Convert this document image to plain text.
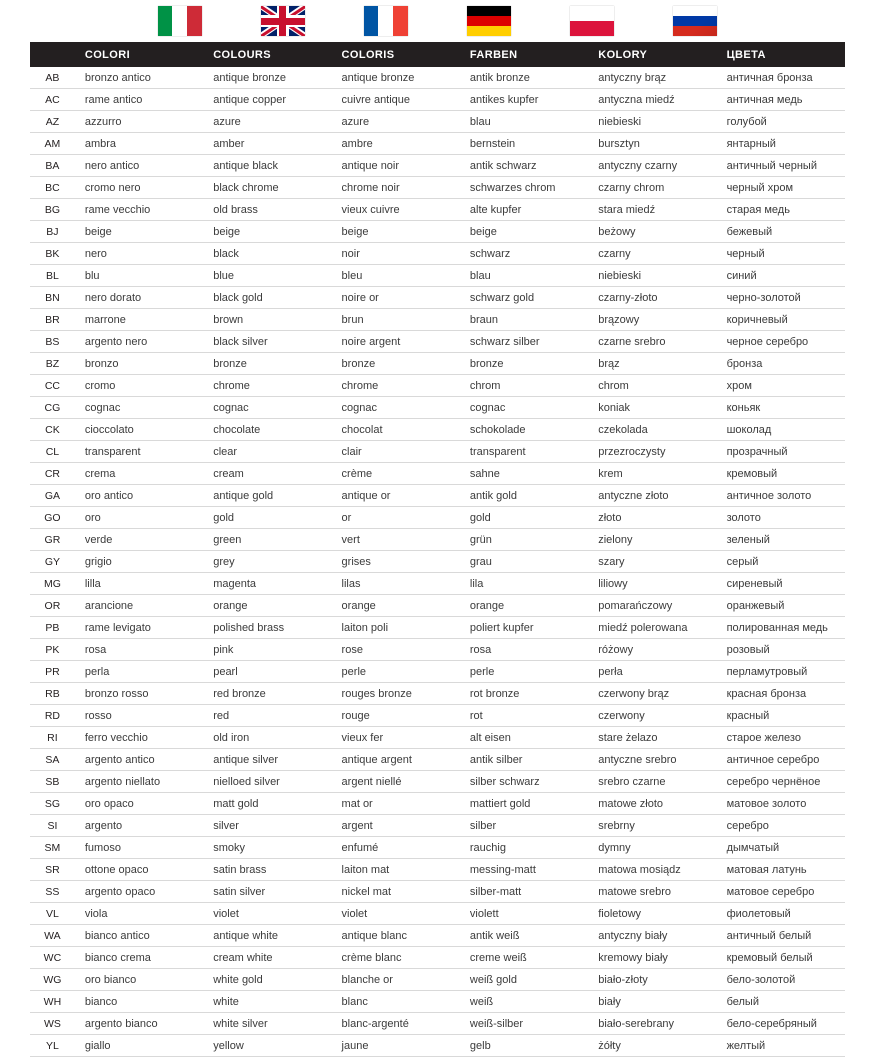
	COLORI	COLOURS	COLORIS	FARBEN	KOLORY	ЦВЕТА
AB	bronzo antico	antique bronze	antique bronze	antik bronze	antyczny brąz	античная бронза
AC	rame antico	antique copper	cuivre antique	antikes kupfer	antyczna miedź	античная медь
AZ	azzurro	azure	azure	blau	niebieski	голубой
AM	ambra	amber	ambre	bernstein	bursztyn	янтарный
BA	nero antico	antique black	antique noir	antik schwarz	antyczny czarny	античный черный
BC	cromo nero	black chrome	chrome noir	schwarzes chrom	czarny chrom	черный хром
BG	rame vecchio	old brass	vieux cuivre	alte kupfer	stara miedź	старая медь
BJ	beige	beige	beige	beige	beżowy	бежевый
BK	nero	black	noir	schwarz	czarny	черный
BL	blu	blue	bleu	blau	niebieski	синий
BN	nero dorato	black gold	noire or	schwarz gold	czarny-złoto	черно-золотой
BR	marrone	brown	brun	braun	brązowy	коричневый
BS	argento nero	black silver	noire argent	schwarz silber	czarne srebro	черное серебро
BZ	bronzo	bronze	bronze	bronze	brąz	бронза
CC	cromo	chrome	chrome	chrom	chrom	хром
CG	cognac	cognac	cognac	cognac	koniak	коньяк
CK	cioccolato	chocolate	chocolat	schokolade	czekolada	шоколад
CL	transparent	clear	clair	transparent	przezroczysty	прозрачный
CR	crema	cream	crème	sahne	krem	кремовый
GA	oro antico	antique gold	antique or	antik gold	antyczne złoto	античное золото
GO	oro	gold	or	gold	złoto	золото
GR	verde	green	vert	grün	zielony	зеленый
GY	grigio	grey	grises	grau	szary	серый
MG	lilla	magenta	lilas	lila	liliowy	сиреневый
OR	arancione	orange	orange	orange	pomarańczowy	оранжевый
PB	rame levigato	polished brass	laiton poli	poliert kupfer	miedź polerowana	полированная медь
PK	rosa	pink	rose	rosa	różowy	розовый
PR	perla	pearl	perle	perle	perła	перламутровый
RB	bronzo rosso	red bronze	rouges bronze	rot bronze	czerwony brąz	красная бронза
RD	rosso	red	rouge	rot	czerwony	красный
RI	ferro vecchio	old iron	vieux fer	alt eisen	stare żelazo	старое железо
SA	argento antico	antique silver	antique argent	antik silber	antyczne srebro	античное серебро
SB	argento niellato	nielloed silver	argent niellé	silber schwarz	srebro czarne	серебро чернёное
SG	oro opaco	matt gold	mat or	mattiert gold	matowe złoto	матовое золото
SI	argento	silver	argent	silber	srebrny	серебро
SM	fumoso	smoky	enfumé	rauchig	dymny	дымчатый
SR	ottone opaco	satin brass	laiton mat	messing-matt	matowa mosiądz	матовая латунь
SS	argento opaco	satin silver	nickel mat	silber-matt	matowe srebro	матовое серебро
VL	viola	violet	violet	violett	fioletowy	фиолетовый
WA	bianco antico	antique white	antique blanc	antik weiß	antyczny biały	античный белый
WC	bianco crema	cream white	crème blanc	creme weiß	kremowy biały	кремовый белый
WG	oro bianco	white gold	blanche or	weiß gold	biało-złoty	бело-золотой
WH	bianco	white	blanc	weiß	biały	белый
WS	argento bianco	white silver	blanc-argenté	weiß-silber	biało-serebrany	бело-серебряный
YL	giallo	yellow	jaune	gelb	żółty	желтый
